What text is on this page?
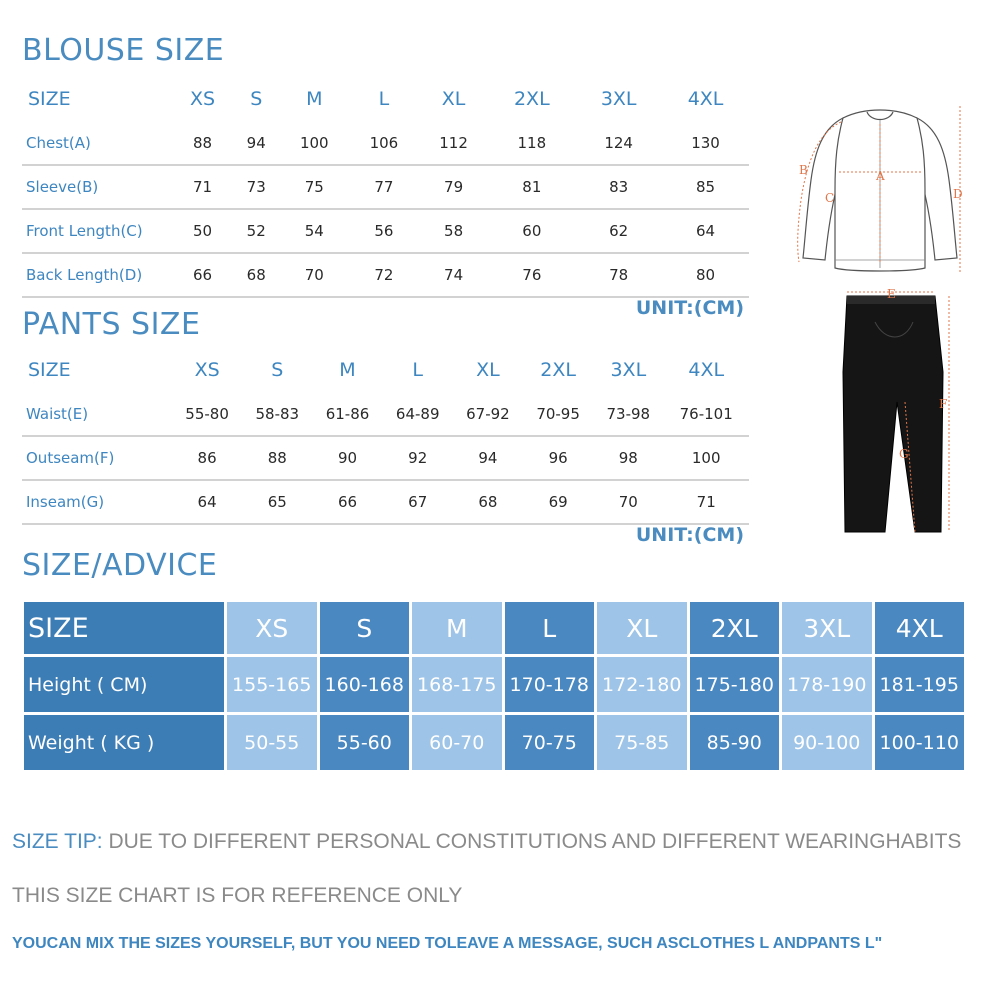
BLOUSE SIZE
SIZE	XS	S	M	L	XL	2XL	3XL	4XL
Chest(A)	88	94	100	106	112	118	124	130
Sleeve(B)	71	73	75	77	79	81	83	85
Front Length(C)	50	52	54	56	58	60	62	64
Back Length(D)	66	68	70	72	74	76	78	80
UNIT:(CM)
PANTS SIZE
SIZE	XS	S	M	L	XL	2XL	3XL	4XL
Waist(E)	55-80	58-83	61-86	64-89	67-92	70-95	73-98	76-101
Outseam(F)	86	88	90	92	94	96	98	100
Inseam(G)	64	65	66	67	68	69	70	71
UNIT:(CM)
SIZE/ADVICE
SIZE	XS	S	M	L	XL	2XL	3XL	4XL
Height ( CM)	155-165	160-168	168-175	170-178	172-180	175-180	178-190	181-195
Weight ( KG )	50-55	55-60	60-70	70-75	75-85	85-90	90-100	100-110
SIZE TIP: DUE TO DIFFERENT PERSONAL CONSTITUTIONS AND DIFFERENT WEARINGHABITS
THIS SIZE CHART IS FOR REFERENCE ONLY
YOUCAN MIX THE SIZES YOURSELF, BUT YOU NEED TOLEAVE A MESSAGE, SUCH ASCLOTHES L ANDPANTS L"
B
C
A
D
E
F
G
